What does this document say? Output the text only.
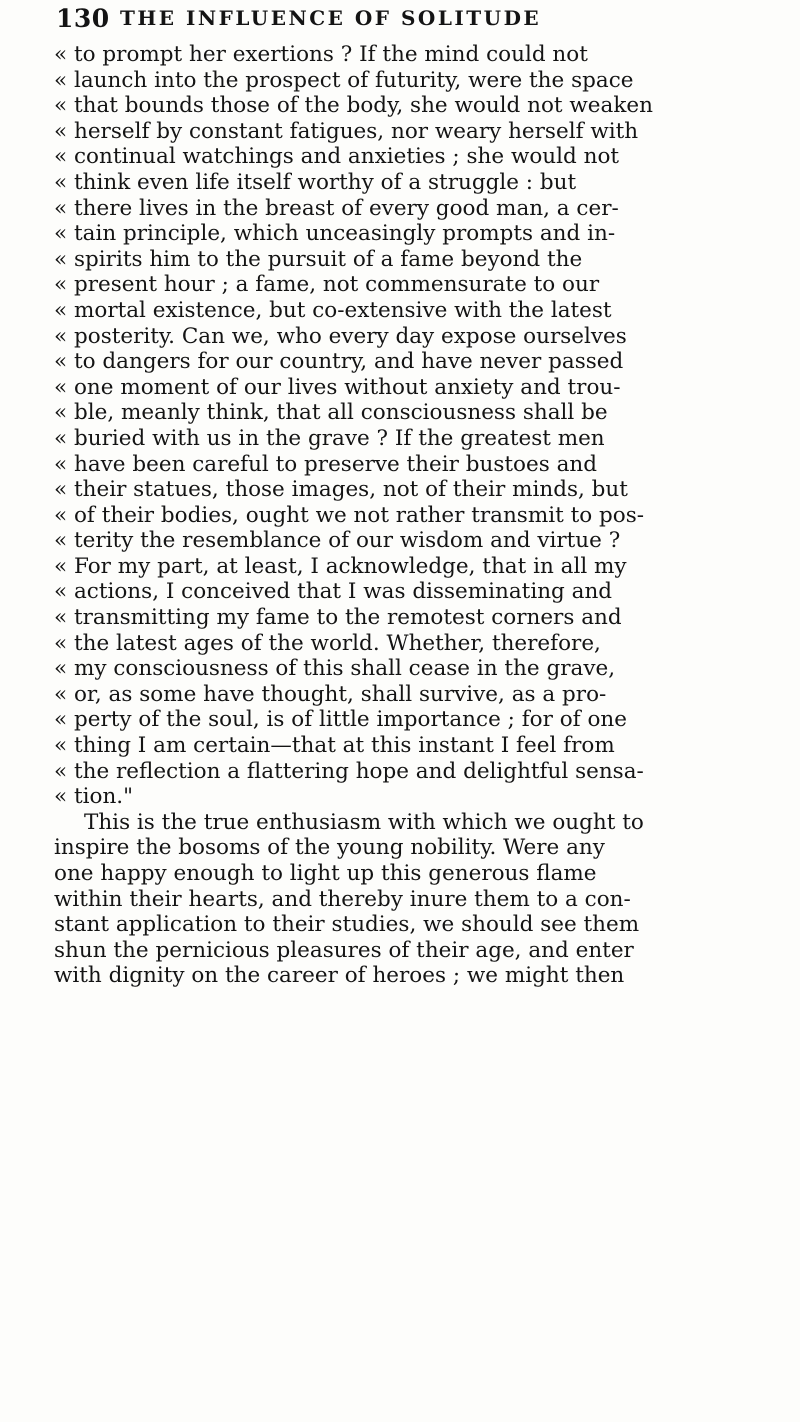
130 THE INFLUENCE OF SOLITUDE
« to prompt her exertions ? If the mind could not
« launch into the prospect of futurity, were the space
« that bounds those of the body, she would not weaken
« herself by constant fatigues, nor weary herself with
« continual watchings and anxieties ; she would not
« think even life itself worthy of a struggle : but
« there lives in the breast of every good man, a cer-
« tain principle, which unceasingly prompts and in-
« spirits him to the pursuit of a fame beyond the
« present hour ; a fame, not commensurate to our
« mortal existence, but co-extensive with the latest
« posterity. Can we, who every day expose ourselves
« to dangers for our country, and have never passed
« one moment of our lives without anxiety and trou-
« ble, meanly think, that all consciousness shall be
« buried with us in the grave ? If the greatest men
« have been careful to preserve their bustoes and
« their statues, those images, not of their minds, but
« of their bodies, ought we not rather transmit to pos-
« terity the resemblance of our wisdom and virtue ?
« For my part, at least, I acknowledge, that in all my
« actions, I conceived that I was disseminating and
« transmitting my fame to the remotest corners and
« the latest ages of the world. Whether, therefore,
« my consciousness of this shall cease in the grave,
« or, as some have thought, shall survive, as a pro-
« perty of the soul, is of little importance ; for of one
« thing I am certain—that at this instant I feel from
« the reflection a flattering hope and delightful sensa-
« tion."
This is the true enthusiasm with which we ought to
inspire the bosoms of the young nobility. Were any
one happy enough to light up this generous flame
within their hearts, and thereby inure them to a con-
stant application to their studies, we should see them
shun the pernicious pleasures of their age, and enter
with dignity on the career of heroes ; we might then
